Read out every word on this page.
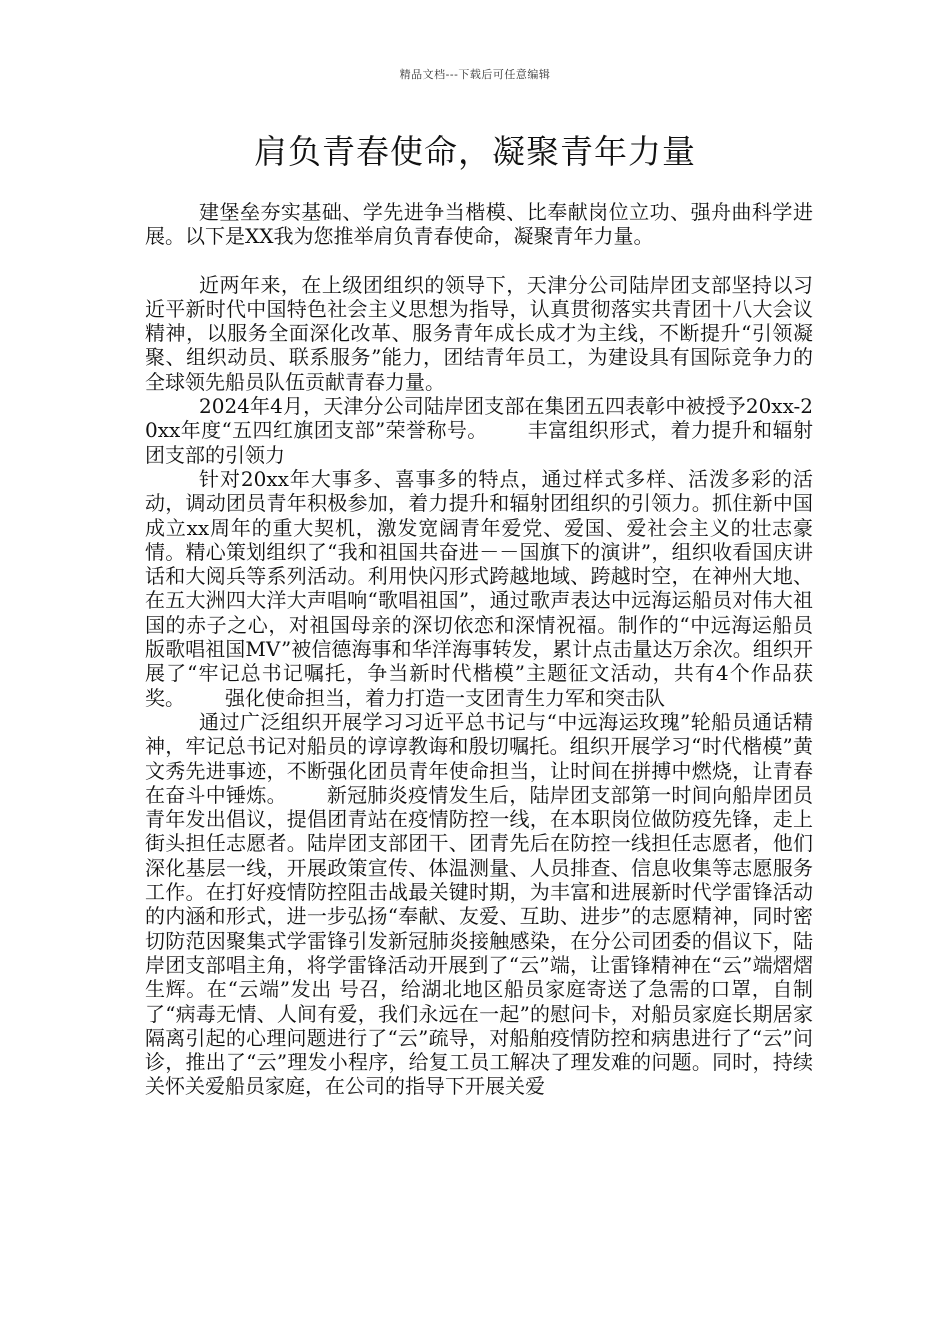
精品文档---下载后可任意编辑
肩负青春使命，凝聚青年力量

建堡垒夯实基础、学先进争当楷模、比奉献岗位立功、强舟曲科学进展。以下是XX我为您推举肩负青春使命，凝聚青年力量。

近两年来，在上级团组织的领导下，天津分公司陆岸团支部坚持以习近平新时代中国特色社会主义思想为指导，认真贯彻落实共青团十八大会议精神，以服务全面深化改革、服务青年成长成才为主线，不断提升“引领凝聚、组织动员、联系服务”能力，团结青年员工，为建设具有国际竞争力的全球领先船员队伍贡献青春力量。

2024年4月，天津分公司陆岸团支部在集团五四表彰中被授予20xx-20xx年度“五四红旗团支部”荣誉称号。 丰富组织形式，着力提升和辐射团支部的引领力

针对20xx年大事多、喜事多的特点，通过样式多样、活泼多彩的活动，调动团员青年积极参加，着力提升和辐射团组织的引领力。抓住新中国成立xx周年的重大契机，激发宽阔青年爱党、爱国、爱社会主义的壮志豪情。精心策划组织了“我和祖国共奋进－－国旗下的演讲”，组织收看国庆讲话和大阅兵等系列活动。利用快闪形式跨越地域、跨越时空，在神州大地、在五大洲四大洋大声唱响“歌唱祖国”，通过歌声表达中远海运船员对伟大祖国的赤子之心，对祖国母亲的深切依恋和深情祝福。制作的“中远海运船员版歌唱祖国MV”被信德海事和华洋海事转发，累计点击量达万余次。组织开展了“牢记总书记嘱托，争当新时代楷模”主题征文活动，共有4个作品获奖。 强化使命担当，着力打造一支团青生力军和突击队

通过广泛组织开展学习习近平总书记与“中远海运玫瑰”轮船员通话精神，牢记总书记对船员的谆谆教诲和殷切嘱托。组织开展学习“时代楷模”黄文秀先进事迹，不断强化团员青年使命担当，让时间在拼搏中燃烧，让青春在奋斗中锤炼。 新冠肺炎疫情发生后，陆岸团支部第一时间向船岸团员青年发出倡议，提倡团青站在疫情防控一线，在本职岗位做防疫先锋，走上街头担任志愿者。陆岸团支部团干、团青先后在防控一线担任志愿者，他们深化基层一线，开展政策宣传、体温测量、人员排查、信息收集等志愿服务工作。在打好疫情防控阻击战最关键时期，为丰富和进展新时代学雷锋活动的内涵和形式，进一步弘扬“奉献、友爱、互助、进步”的志愿精神，同时密切防范因聚集式学雷锋引发新冠肺炎接触感染，在分公司团委的倡议下，陆岸团支部唱主角，将学雷锋活动开展到了“云”端，让雷锋精神在“云”端熠熠生辉。在“云端”发出 号召，给湖北地区船员家庭寄送了急需的口罩，自制了“病毒无情、人间有爱，我们永远在一起”的慰问卡，对船员家庭长期居家隔离引起的心理问题进行了“云”疏导，对船舶疫情防控和病患进行了“云”问诊，推出了“云”理发小程序，给复工员工解决了理发难的问题。同时，持续关怀关爱船员家庭，在公司的指导下开展关爱
